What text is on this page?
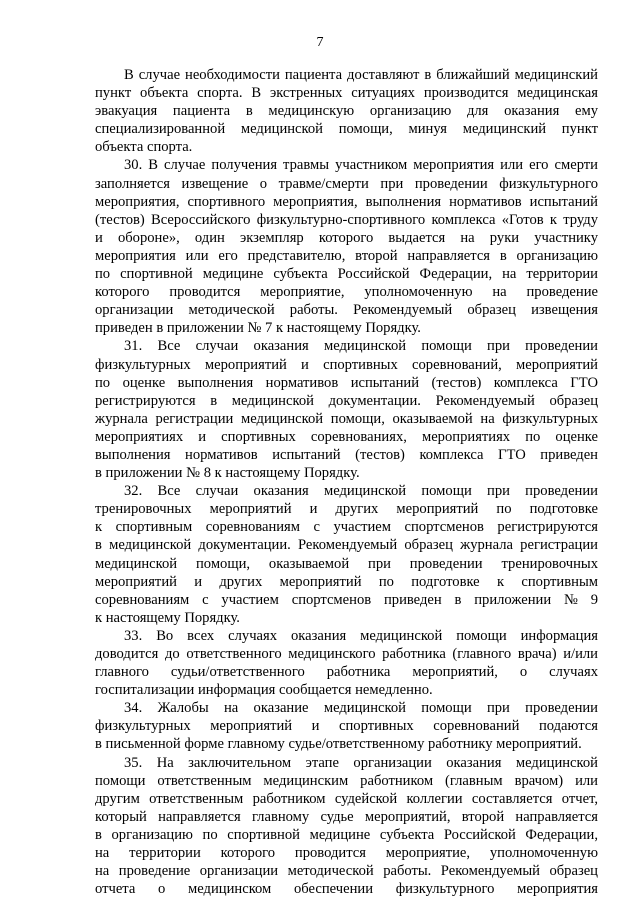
7

В случае необходимости пациента доставляют в ближайший медицинский
пункт объекта спорта. В экстренных ситуациях производится медицинская
эвакуация пациента в медицинскую организацию для оказания ему
специализированной медицинской помощи, минуя медицинский пункт
объекта спорта.

30. В случае получения травмы участником мероприятия или его смерти
заполняется извещение о травме/смерти при проведении физкультурного
мероприятия, спортивного мероприятия, выполнения нормативов испытаний
(тестов) Всероссийского физкультурно-спортивного комплекса «Готов к труду
и обороне», один экземпляр которого выдается на руки участнику
мероприятия или его представителю, второй направляется в организацию
по спортивной медицине субъекта Российской Федерации, на территории
которого проводится мероприятие, уполномоченную на проведение
организации методической работы. Рекомендуемый образец извещения
приведен в приложении № 7 к настоящему Порядку.

31. Все случаи оказания медицинской помощи при проведении
физкультурных мероприятий и спортивных соревнований, мероприятий
по оценке выполнения нормативов испытаний (тестов) комплекса ГТО
регистрируются в медицинской документации. Рекомендуемый образец
журнала регистрации медицинской помощи, оказываемой на физкультурных
мероприятиях и спортивных соревнованиях, мероприятиях по оценке
выполнения нормативов испытаний (тестов) комплекса ГТО приведен
в приложении № 8 к настоящему Порядку.

32. Все случаи оказания медицинской помощи при проведении
тренировочных мероприятий и других мероприятий по подготовке
к спортивным соревнованиям с участием спортсменов регистрируются
в медицинской документации. Рекомендуемый образец журнала регистрации
медицинской помощи, оказываемой при проведении тренировочных
мероприятий и других мероприятий по подготовке к спортивным
соревнованиям с участием спортсменов приведен в приложении № 9
к настоящему Порядку.

33. Во всех случаях оказания медицинской помощи информация
доводится до ответственного медицинского работника (главного врача) и/или
главного судьи/ответственного работника мероприятий, о случаях
госпитализации информация сообщается немедленно.

34. Жалобы на оказание медицинской помощи при проведении
физкультурных мероприятий и спортивных соревнований подаются
в письменной форме главному судье/ответственному работнику мероприятий.

35. На заключительном этапе организации оказания медицинской
помощи ответственным медицинским работником (главным врачом) или
другим ответственным работником судейской коллегии составляется отчет,
который направляется главному судье мероприятий, второй направляется
в организацию по спортивной медицине субъекта Российской Федерации,
на территории которого проводится мероприятие, уполномоченную
на проведение организации методической работы. Рекомендуемый образец
отчета о медицинском обеспечении физкультурного мероприятия
